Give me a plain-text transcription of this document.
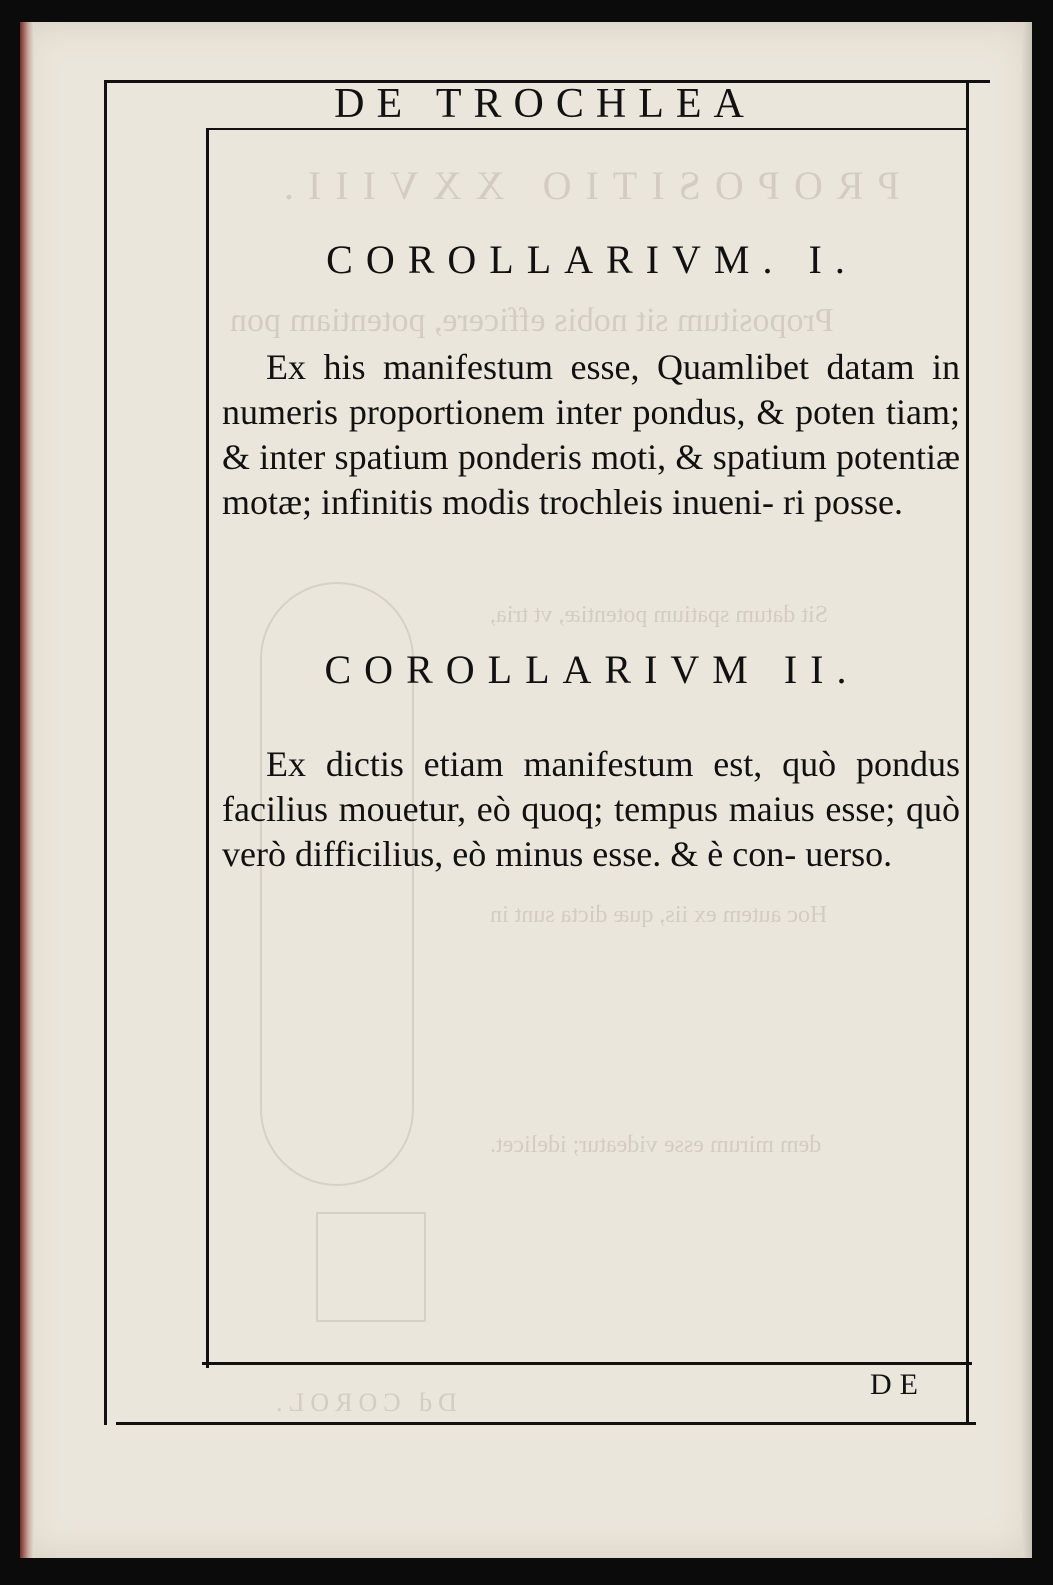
PROPOSITIO XXVIII.
Propositum sit nobis efficere, potentiam pon
Sit datum spatium potentiæ, vt tria,
Hoc autem ex iis, quæ dicta sunt in
dem mirum esse videatur; idelicet.
Dd COROL.
DE TROCHLEA
COROLLARIVM. I.
Ex his manifestum esse, Quamlibet datam in numeris proportionem inter pondus, & poten tiam; & inter spatium ponderis moti, & spatium potentiæ motæ; infinitis modis trochleis inueni- ri posse.
COROLLARIVM II.
Ex dictis etiam manifestum est, quò pondus facilius mouetur, eò quoq; tempus maius esse; quò verò difficilius, eò minus esse. & è con- uerso.
DE
